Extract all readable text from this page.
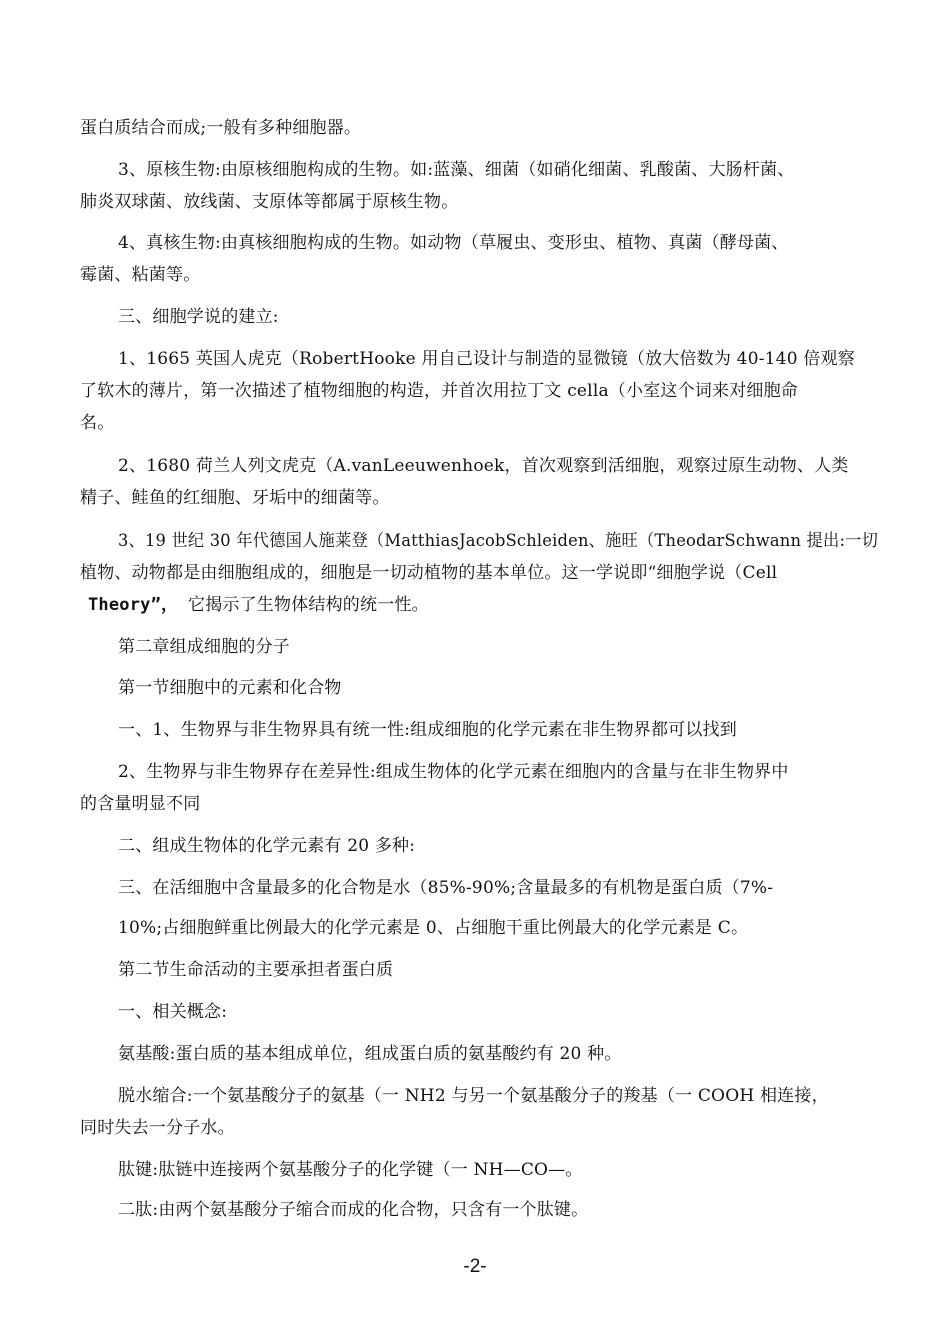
蛋白质结合而成;一般有多种细胞器。
3、原核生物:由原核细胞构成的生物。如:蓝藻、细菌（如硝化细菌、乳酸菌、大肠杆菌、
肺炎双球菌、放线菌、支原体等都属于原核生物。
4、真核生物:由真核细胞构成的生物。如动物（草履虫、变形虫、植物、真菌（酵母菌、
霉菌、粘菌等。
三、细胞学说的建立:
1、1665 英国人虎克（RobertHooke 用自己设计与制造的显微镜（放大倍数为 40-140 倍观察
了软木的薄片，第一次描述了植物细胞的构造，并首次用拉丁文 cella（小室这个词来对细胞命
名。
2、1680 荷兰人列文虎克（A.vanLeeuwenhoek，首次观察到活细胞，观察过原生动物、人类
精子、鲑鱼的红细胞、牙垢中的细菌等。
3、19 世纪 30 年代德国人施莱登（MatthiasJacobSchleiden、施旺（TheodarSchwann 提出:一切
植物、动物都是由细胞组成的，细胞是一切动植物的基本单位。这一学说即“细胞学说（Cell
Theory”， 它揭示了生物体结构的统一性。
第二章组成细胞的分子
第一节细胞中的元素和化合物
一、1、生物界与非生物界具有统一性:组成细胞的化学元素在非生物界都可以找到
2、生物界与非生物界存在差异性:组成生物体的化学元素在细胞内的含量与在非生物界中
的含量明显不同
二、组成生物体的化学元素有 20 多种:
三、在活细胞中含量最多的化合物是水（85%-90%;含量最多的有机物是蛋白质（7%-
10%;占细胞鲜重比例最大的化学元素是 0、占细胞干重比例最大的化学元素是 C。
第二节生命活动的主要承担者蛋白质
一、相关概念:
氨基酸:蛋白质的基本组成单位，组成蛋白质的氨基酸约有 20 种。
脱水缩合:一个氨基酸分子的氨基（一 NH2 与另一个氨基酸分子的羧基（一 COOH 相连接，
同时失去一分子水。
肽键:肽链中连接两个氨基酸分子的化学键（一 NH—CO—。
二肽:由两个氨基酸分子缩合而成的化合物，只含有一个肽键。
-2-
